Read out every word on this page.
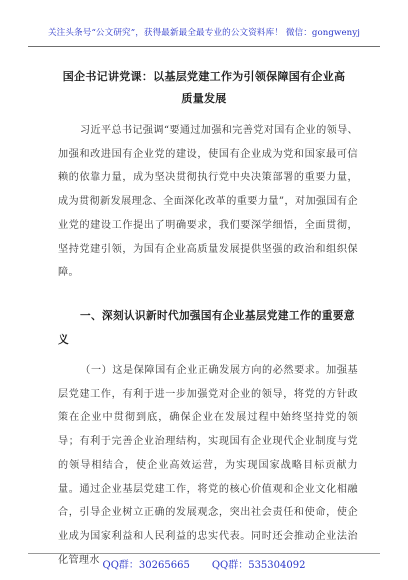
关注头条号“公文研究”，获得最新最全最专业的公文资料库！ 微信：gongwenyj
国企书记讲党课：以基层党建工作为引领保障国有企业高
质量发展
习近平总书记强调“要通过加强和完善党对国有企业的领导、加强和改进国有企业党的建设，使国有企业成为党和国家最可信赖的依靠力量，成为坚决贯彻执行党中央决策部署的重要力量，成为贯彻新发展理念、全面深化改革的重要力量”，对加强国有企业党的建设工作提出了明确要求，我们要深学细悟，全面贯彻，坚持党建引领，为国有企业高质量发展提供坚强的政治和组织保障。
一、深刻认识新时代加强国有企业基层党建工作的重要意义
（一）这是保障国有企业正确发展方向的必然要求。加强基层党建工作，有利于进一步加强党对企业的领导，将党的方针政策在企业中贯彻到底，确保企业在发展过程中始终坚持党的领导；有利于完善企业治理结构，实现国有企业现代企业制度与党的领导相结合，使企业高效运营，为实现国家战略目标贡献力量。通过企业基层党建工作，将党的核心价值观和企业文化相融合，引导企业树立正确的发展观念，突出社会责任和使命，使企业成为国家利益和人民利益的忠实代表。同时还会推动企业法治化管理水 QQ群：30265665 QQ群：535304092
